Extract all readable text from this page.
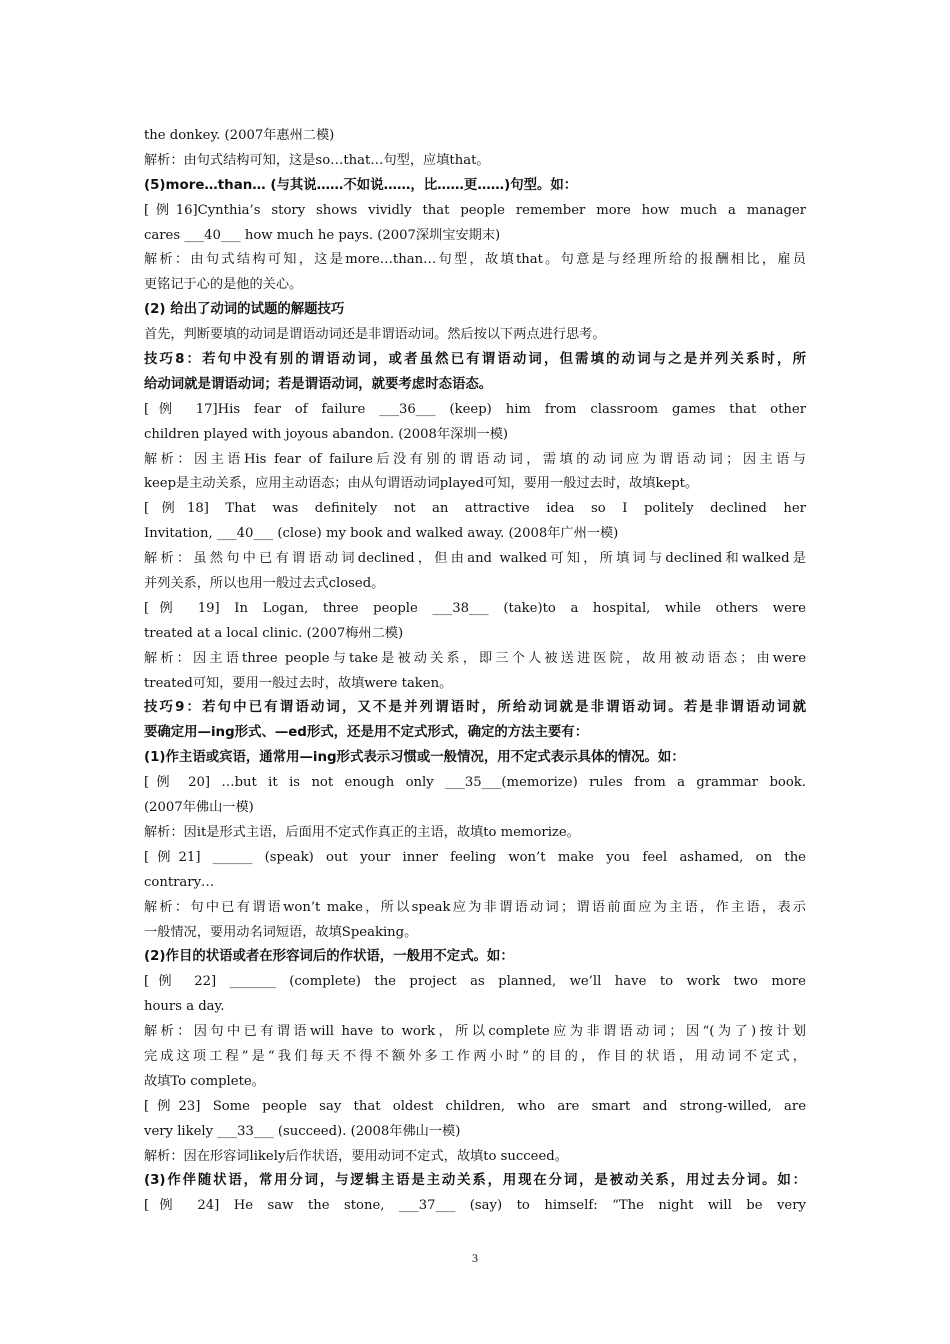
the donkey. (2007年惠州二模)
解析：由句式结构可知，这是so…that…句型，应填that。
(5)more…than… (与其说……不如说……，比……更……)句型。如：
[例16]Cynthia’s story shows vividly that people remember more how much a manager
cares ___40___ how much he pays. (2007深圳宝安期末)
解析：由句式结构可知，这是more…than…句型，故填that。句意是与经理所给的报酬相比，雇员
更铭记于心的是他的关心。
(2) 给出了动词的试题的解题技巧
首先，判断要填的动词是谓语动词还是非谓语动词。然后按以下两点进行思考。
技巧8：若句中没有别的谓语动词，或者虽然已有谓语动词，但需填的动词与之是并列关系时，所
给动词就是谓语动词；若是谓语动词，就要考虑时态语态。
[例 17]His fear of failure ___36___ (keep) him from classroom games that other
children played with joyous abandon. (2008年深圳一模)
解析：因主语His fear of failure后没有别的谓语动词，需填的动词应为谓语动词；因主语与
keep是主动关系，应用主动语态；由从句谓语动词played可知，要用一般过去时，故填kept。
[例18] That was definitely not an attractive idea so I politely declined her
Invitation, ___40___ (close) my book and walked away. (2008年广州一模)
解析：虽然句中已有谓语动词declined，但由and walked可知，所填词与declined和walked是
并列关系，所以也用一般过去式closed。
[例 19] In Logan, three people ___38___ (take)to a hospital, while others were
treated at a local clinic. (2007梅州二模)
解析：因主语three people与take是被动关系，即三个人被送进医院，故用被动语态；由were
treated可知，要用一般过去时，故填were taken。
技巧9：若句中已有谓语动词，又不是并列谓语时，所给动词就是非谓语动词。若是非谓语动词就
要确定用—ing形式、—ed形式，还是用不定式形式，确定的方法主要有：
(1)作主语或宾语，通常用—ing形式表示习惯或一般情况，用不定式表示具体的情况。如：
[例 20] …but it is not enough only ___35___(memorize) rules from a grammar book.
(2007年佛山一模)
解析：因it是形式主语，后面用不定式作真正的主语，故填to memorize。
[例21] ______ (speak) out your inner feeling won’t make you feel ashamed, on the
contrary…
解析：句中已有谓语won’t make，所以speak应为非谓语动词；谓语前面应为主语，作主语，表示
一般情况，要用动名词短语，故填Speaking。
(2)作目的状语或者在形容词后的作状语，一般用不定式。如：
[例 22] _______ (complete) the project as planned, we’ll have to work two more
hours a day.
解析：因句中已有谓语will have to work，所以complete应为非谓语动词；因“(为了)按计划
完成这项工程”是“我们每天不得不额外多工作两小时”的目的，作目的状语，用动词不定式，
故填To complete。
[例23] Some people say that oldest children, who are smart and strong-willed, are
very likely ___33___ (succeed). (2008年佛山一模)
解析：因在形容词likely后作状语，要用动词不定式，故填to succeed。
(3)作伴随状语，常用分词，与逻辑主语是主动关系，用现在分词，是被动关系，用过去分词。如：
[例 24] He saw the stone, ___37___ (say) to himself: “The night will be very
3
